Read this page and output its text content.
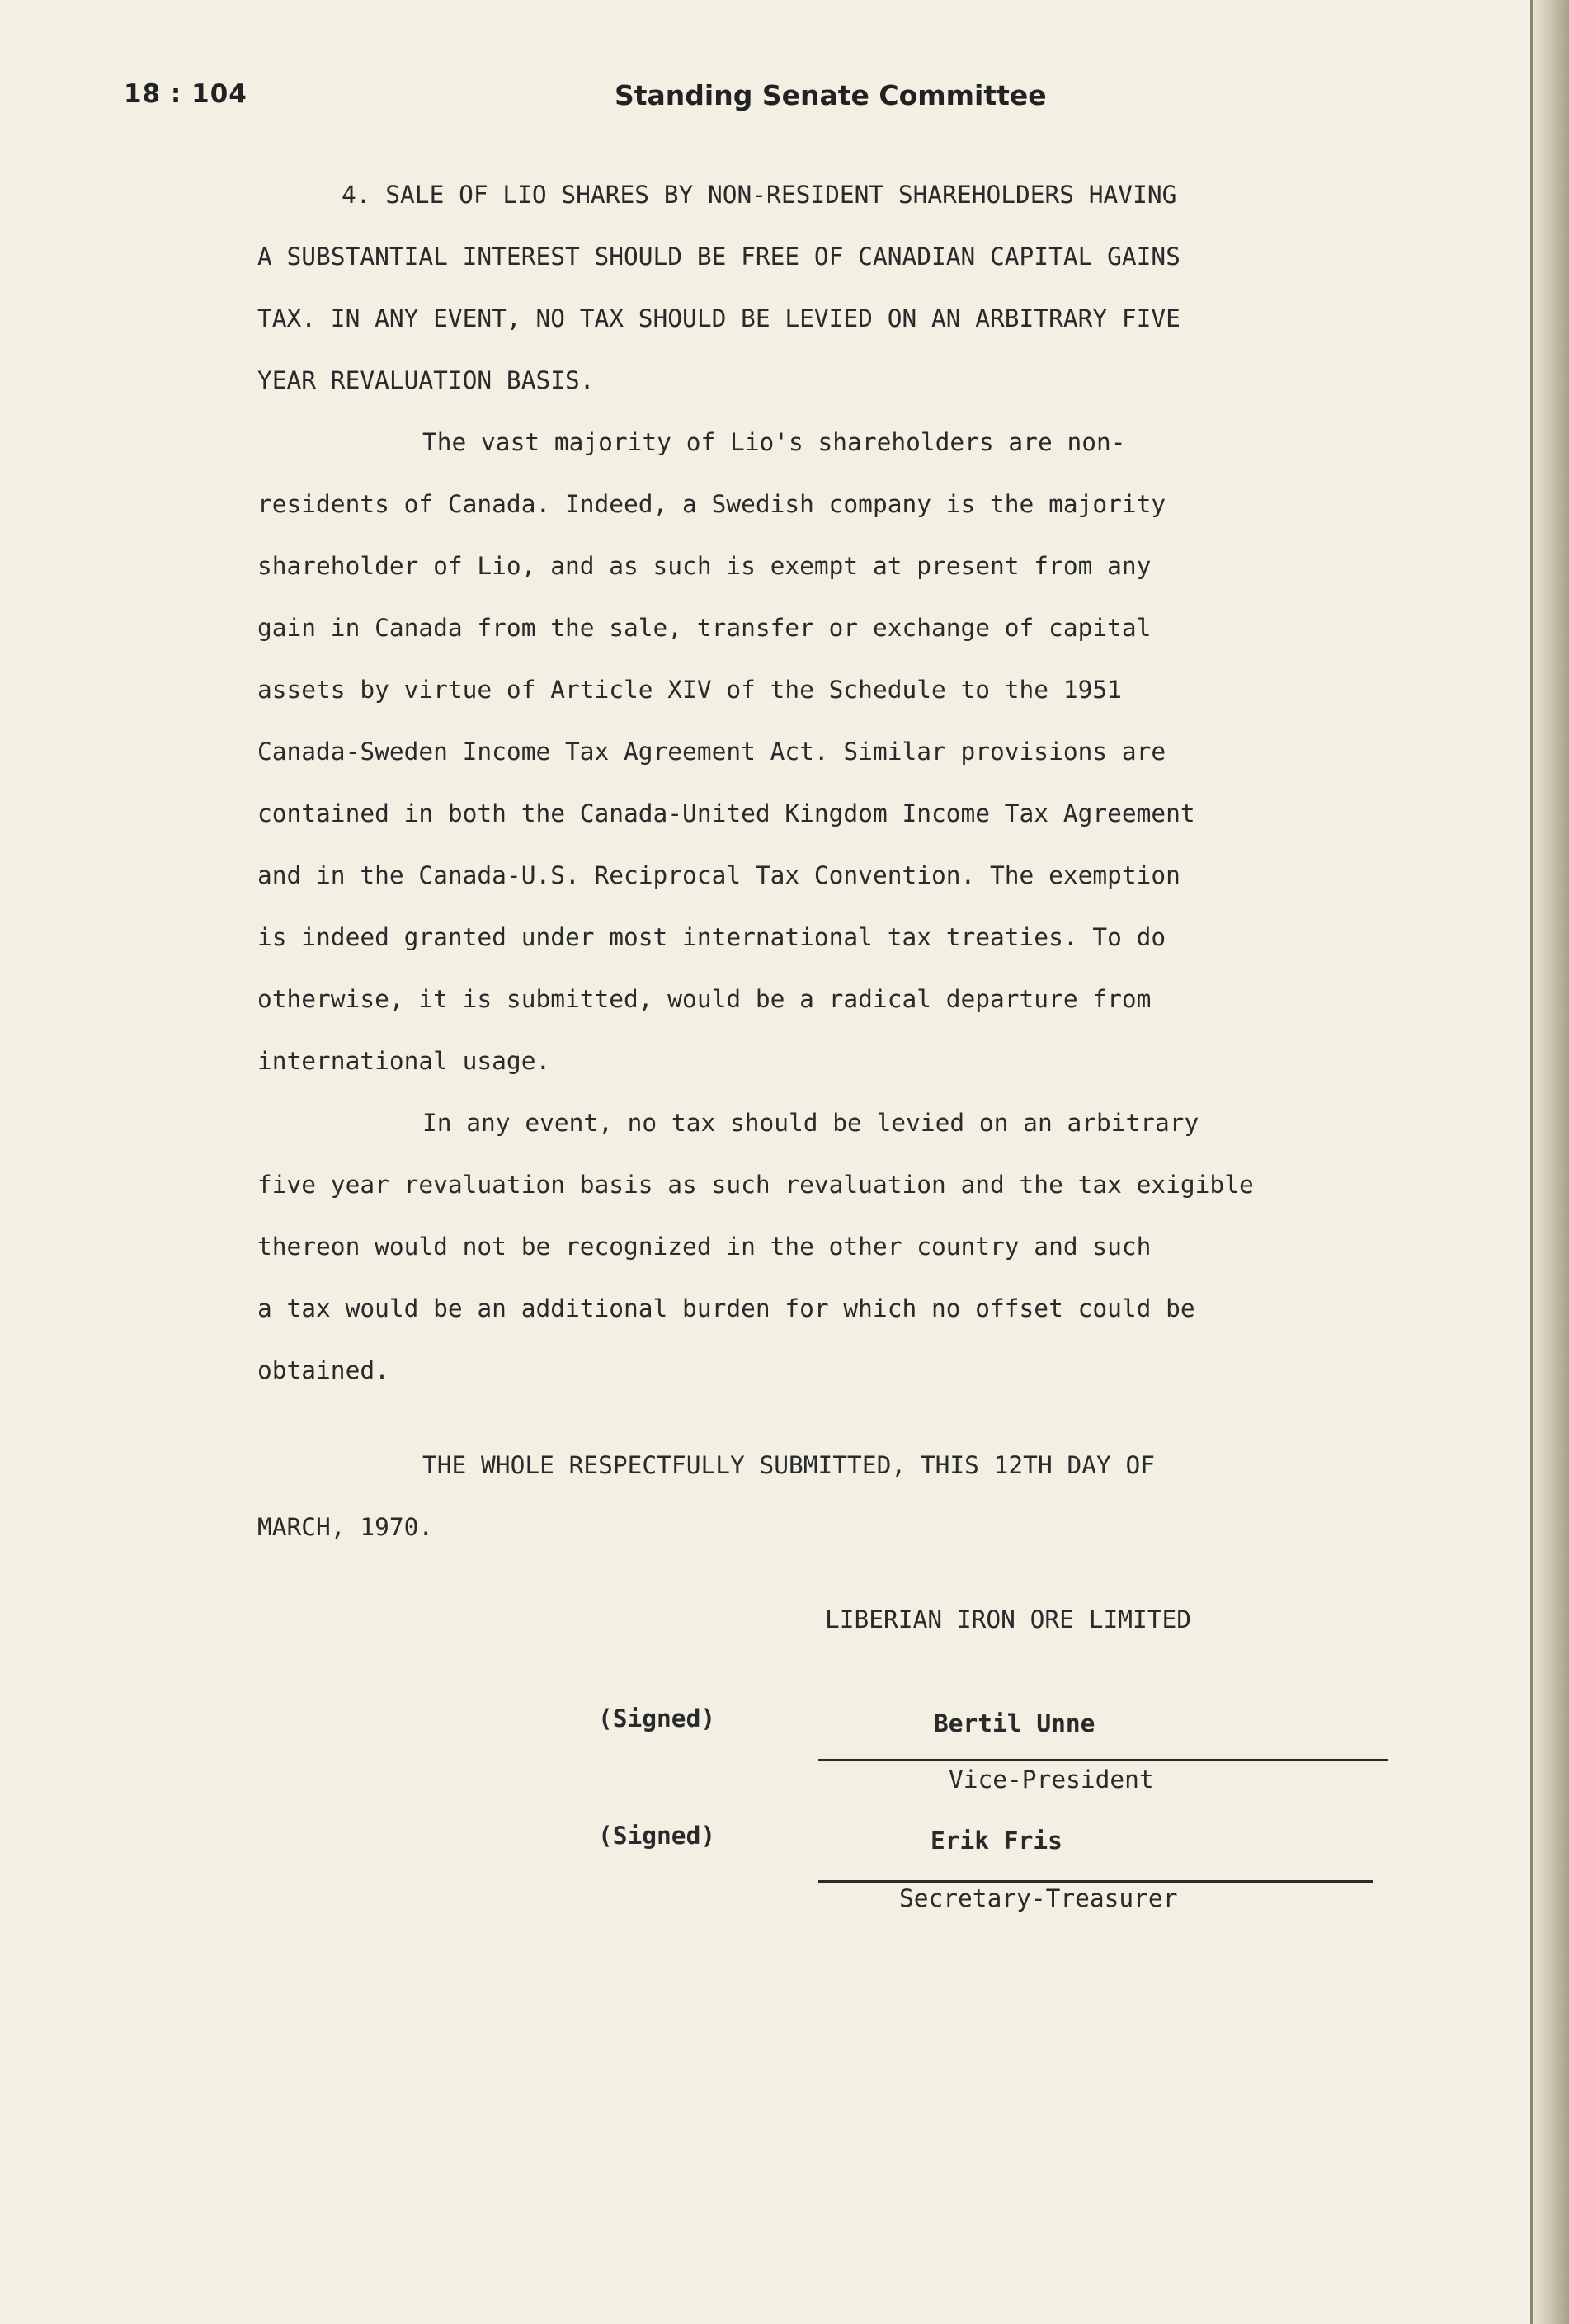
18 : 104	Standing Senate Committee
4. SALE OF LIO SHARES BY NON-RESIDENT SHAREHOLDERS HAVING
A SUBSTANTIAL INTEREST SHOULD BE FREE OF CANADIAN CAPITAL GAINS
TAX. IN ANY EVENT, NO TAX SHOULD BE LEVIED ON AN ARBITRARY FIVE
YEAR REVALUATION BASIS.
The vast majority of Lio's shareholders are non-
residents of Canada. Indeed, a Swedish company is the majority
shareholder of Lio, and as such is exempt at present from any
gain in Canada from the sale, transfer or exchange of capital
assets by virtue of Article XIV of the Schedule to the 1951
Canada-Sweden Income Tax Agreement Act. Similar provisions are
contained in both the Canada-United Kingdom Income Tax Agreement
and in the Canada-U.S. Reciprocal Tax Convention. The exemption
is indeed granted under most international tax treaties. To do
otherwise, it is submitted, would be a radical departure from
international usage.
In any event, no tax should be levied on an arbitrary
five year revaluation basis as such revaluation and the tax exigible
thereon would not be recognized in the other country and such
a tax would be an additional burden for which no offset could be
obtained.
THE WHOLE RESPECTFULLY SUBMITTED, THIS 12TH DAY OF
MARCH, 1970.
LIBERIAN IRON ORE LIMITED
(Signed)	Bertil Unne
Vice-President
(Signed)	Erik Fris
Secretary-Treasurer
